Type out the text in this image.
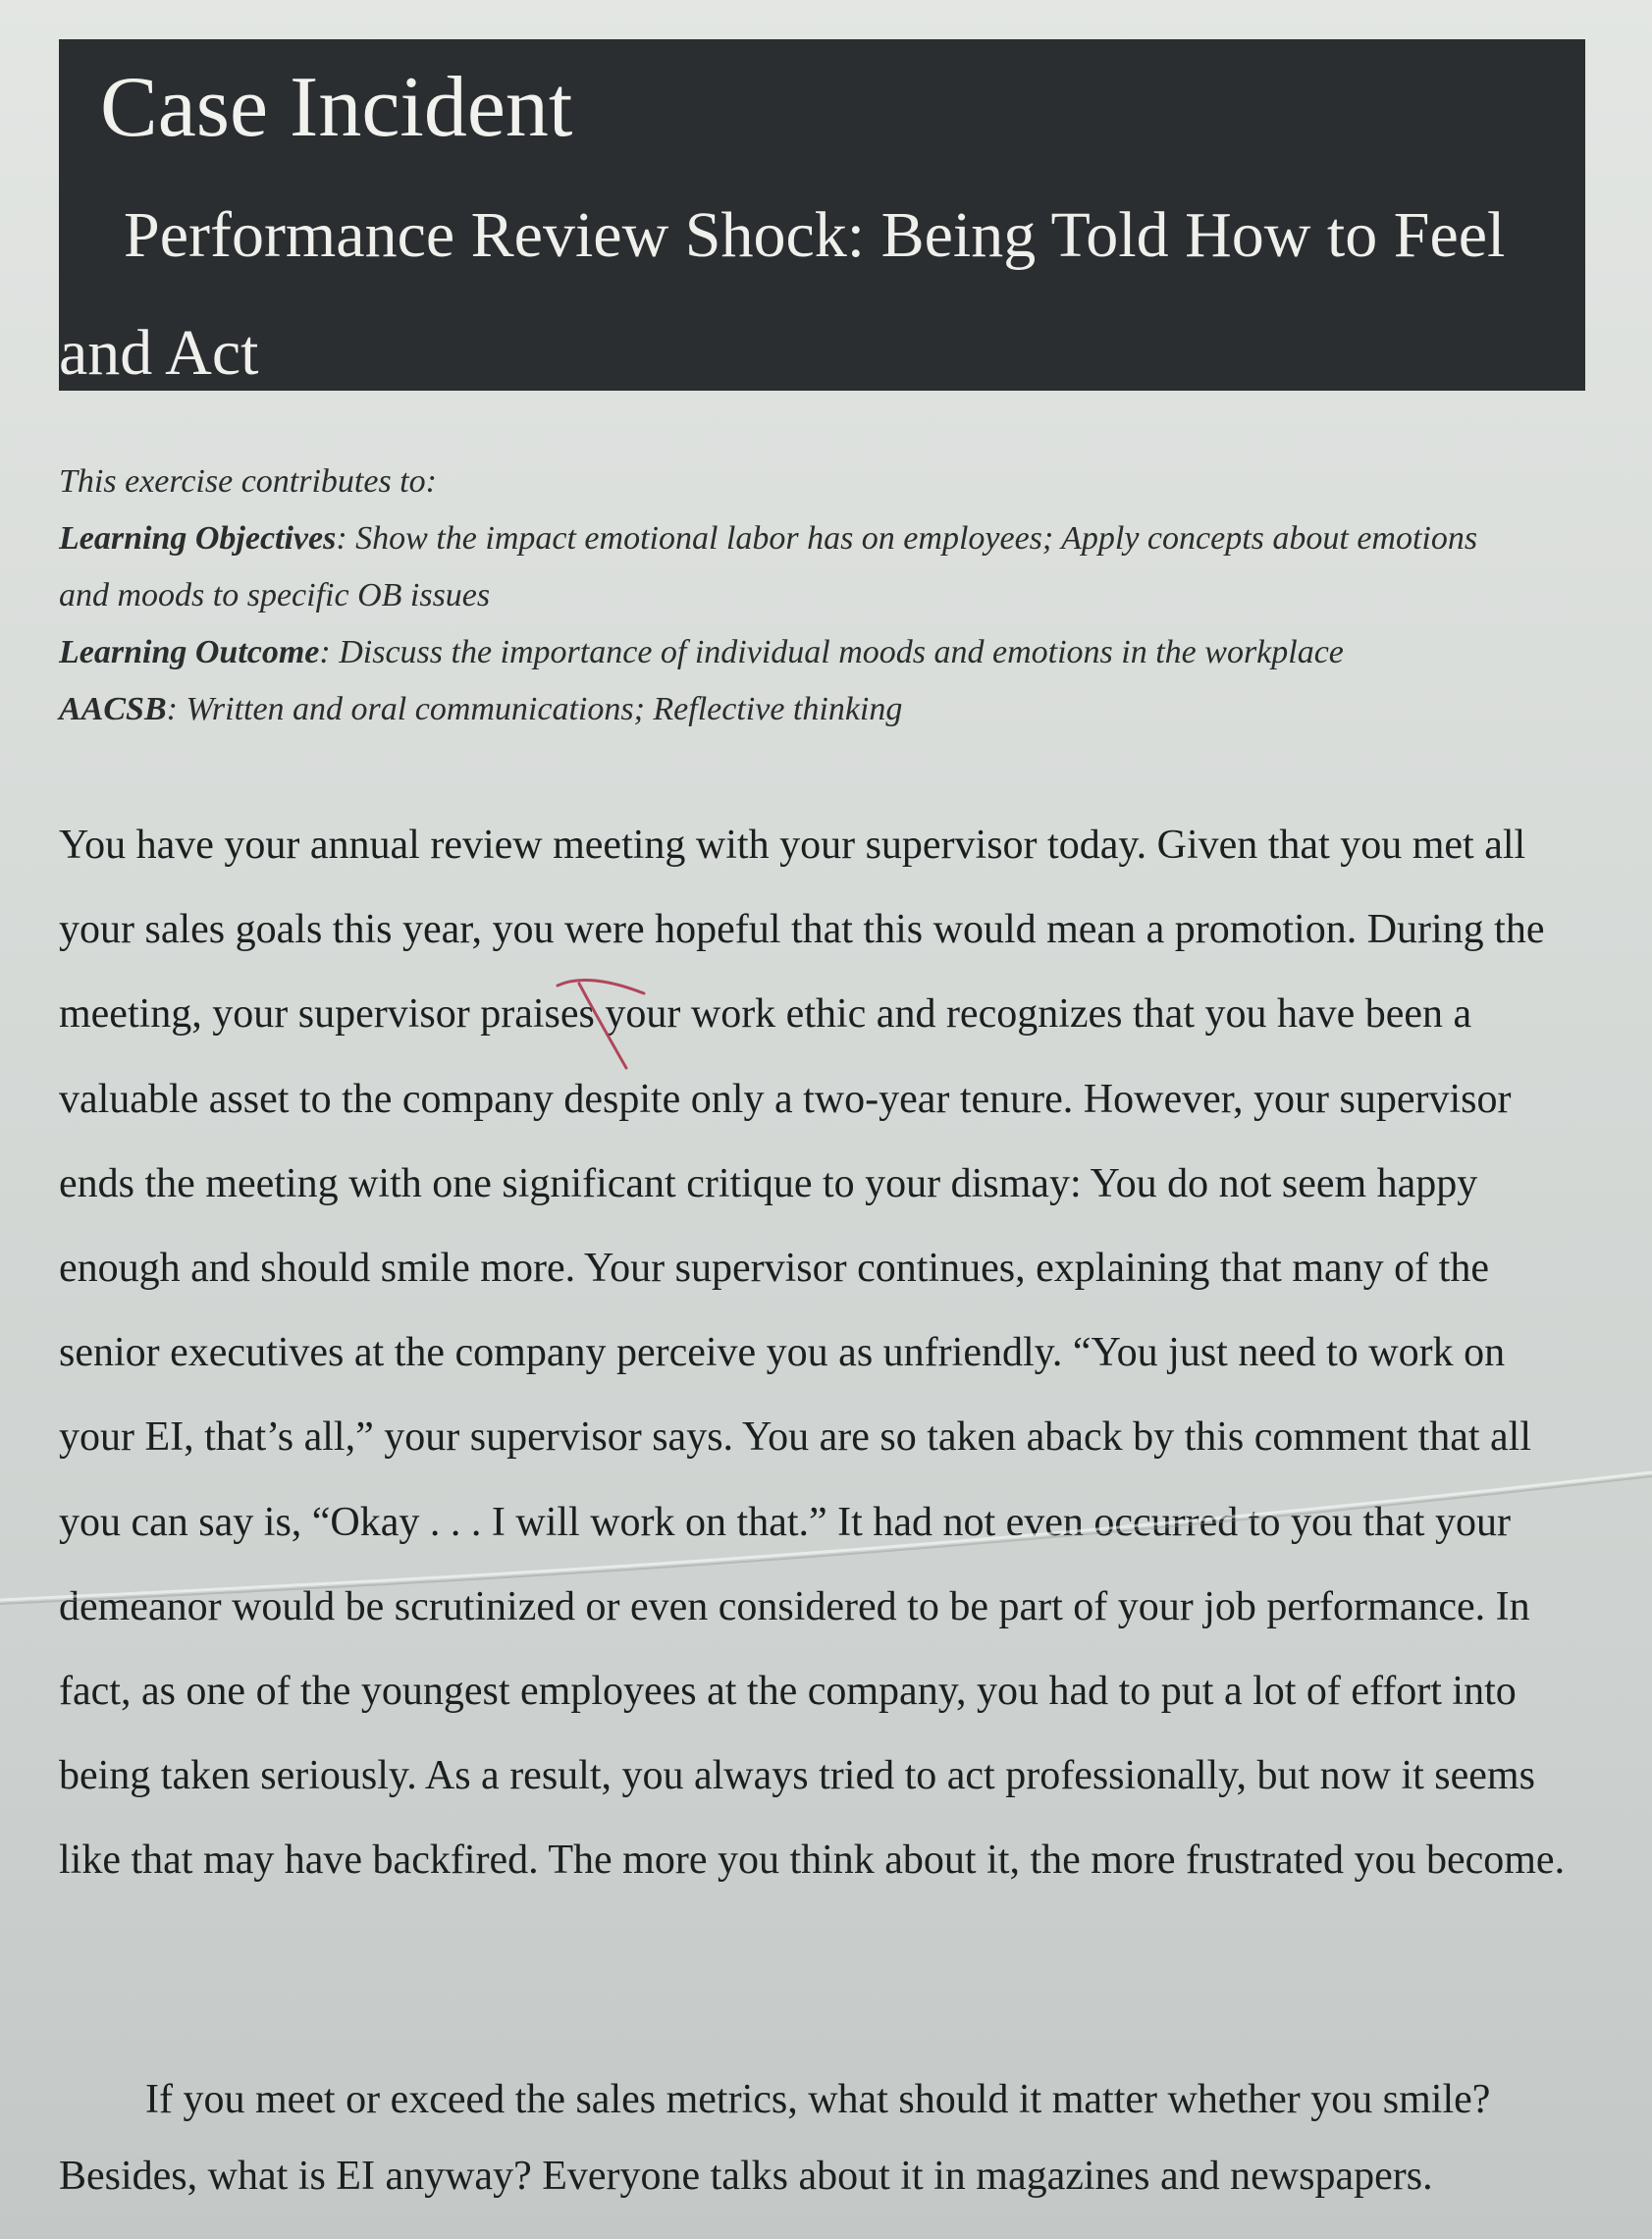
Case Incident
Performance Review Shock: Being Told How to Feel and Act

This exercise contributes to:

Learning Objectives: Show the impact emotional labor has on employees; Apply concepts about emotions and moods to specific OB issues

Learning Outcome: Discuss the importance of individual moods and emotions in the workplace

AACSB: Written and oral communications; Reflective thinking

You have your annual review meeting with your supervisor today. Given that you met all your sales goals this year, you were hopeful that this would mean a promotion. During the meeting, your supervisor praises your work ethic and recognizes that you have been a valuable asset to the company despite only a two-year tenure. However, your supervisor ends the meeting with one significant critique to your dismay: You do not seem happy enough and should smile more. Your supervisor continues, explaining that many of the senior executives at the company perceive you as unfriendly. “You just need to work on your EI, that’s all,” your supervisor says. You are so taken aback by this comment that all you can say is, “Okay . . . I will work on that.” It had not even occurred to you that your demeanor would be scrutinized or even considered to be part of your job performance. In fact, as one of the youngest employees at the company, you had to put a lot of effort into being taken seriously. As a result, you always tried to act professionally, but now it seems like that may have backfired. The more you think about it, the more frustrated you become.

If you meet or exceed the sales metrics, what should it matter whether you smile? Besides, what is EI anyway? Everyone talks about it in magazines and newspapers.
